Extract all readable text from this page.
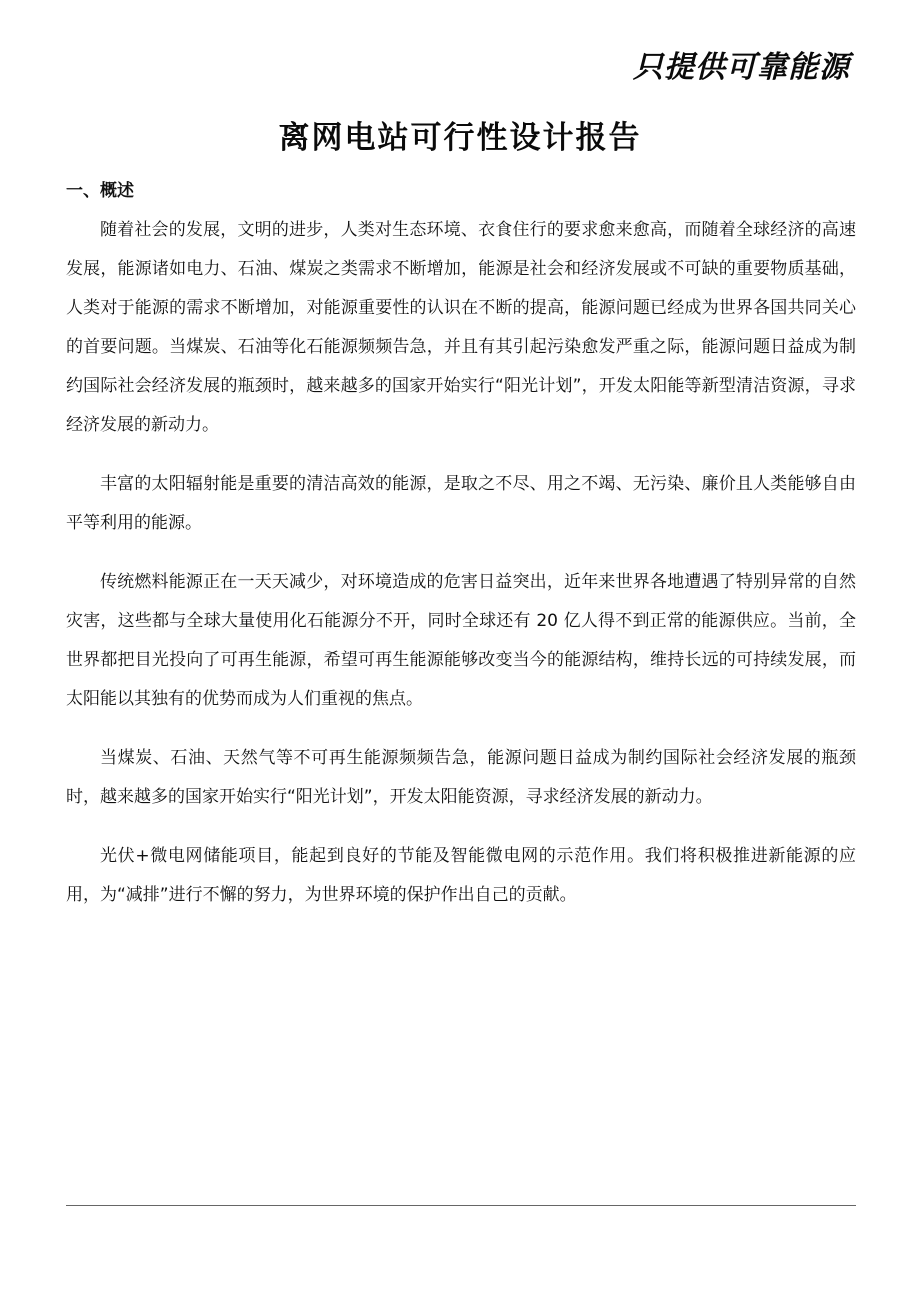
只提供可靠能源
离网电站可行性设计报告
一、概述

随着社会的发展，文明的进步，人类对生态环境、衣食住行的要求愈来愈高，而随着全球经济的高速发展，能源诸如电力、石油、煤炭之类需求不断增加，能源是社会和经济发展或不可缺的重要物质基础，人类对于能源的需求不断增加，对能源重要性的认识在不断的提高，能源问题已经成为世界各国共同关心的首要问题。当煤炭、石油等化石能源频频告急，并且有其引起污染愈发严重之际，能源问题日益成为制约国际社会经济发展的瓶颈时，越来越多的国家开始实行“阳光计划”，开发太阳能等新型清洁资源，寻求经济发展的新动力。

丰富的太阳辐射能是重要的清洁高效的能源，是取之不尽、用之不竭、无污染、廉价且人类能够自由平等利用的能源。

传统燃料能源正在一天天减少，对环境造成的危害日益突出，近年来世界各地遭遇了特别异常的自然灾害，这些都与全球大量使用化石能源分不开，同时全球还有 20 亿人得不到正常的能源供应。当前，全世界都把目光投向了可再生能源，希望可再生能源能够改变当今的能源结构，维持长远的可持续发展，而太阳能以其独有的优势而成为人们重视的焦点。

当煤炭、石油、天然气等不可再生能源频频告急，能源问题日益成为制约国际社会经济发展的瓶颈时，越来越多的国家开始实行“阳光计划”，开发太阳能资源，寻求经济发展的新动力。

光伏+微电网储能项目，能起到良好的节能及智能微电网的示范作用。我们将积极推进新能源的应用，为“减排”进行不懈的努力，为世界环境的保护作出自己的贡献。
